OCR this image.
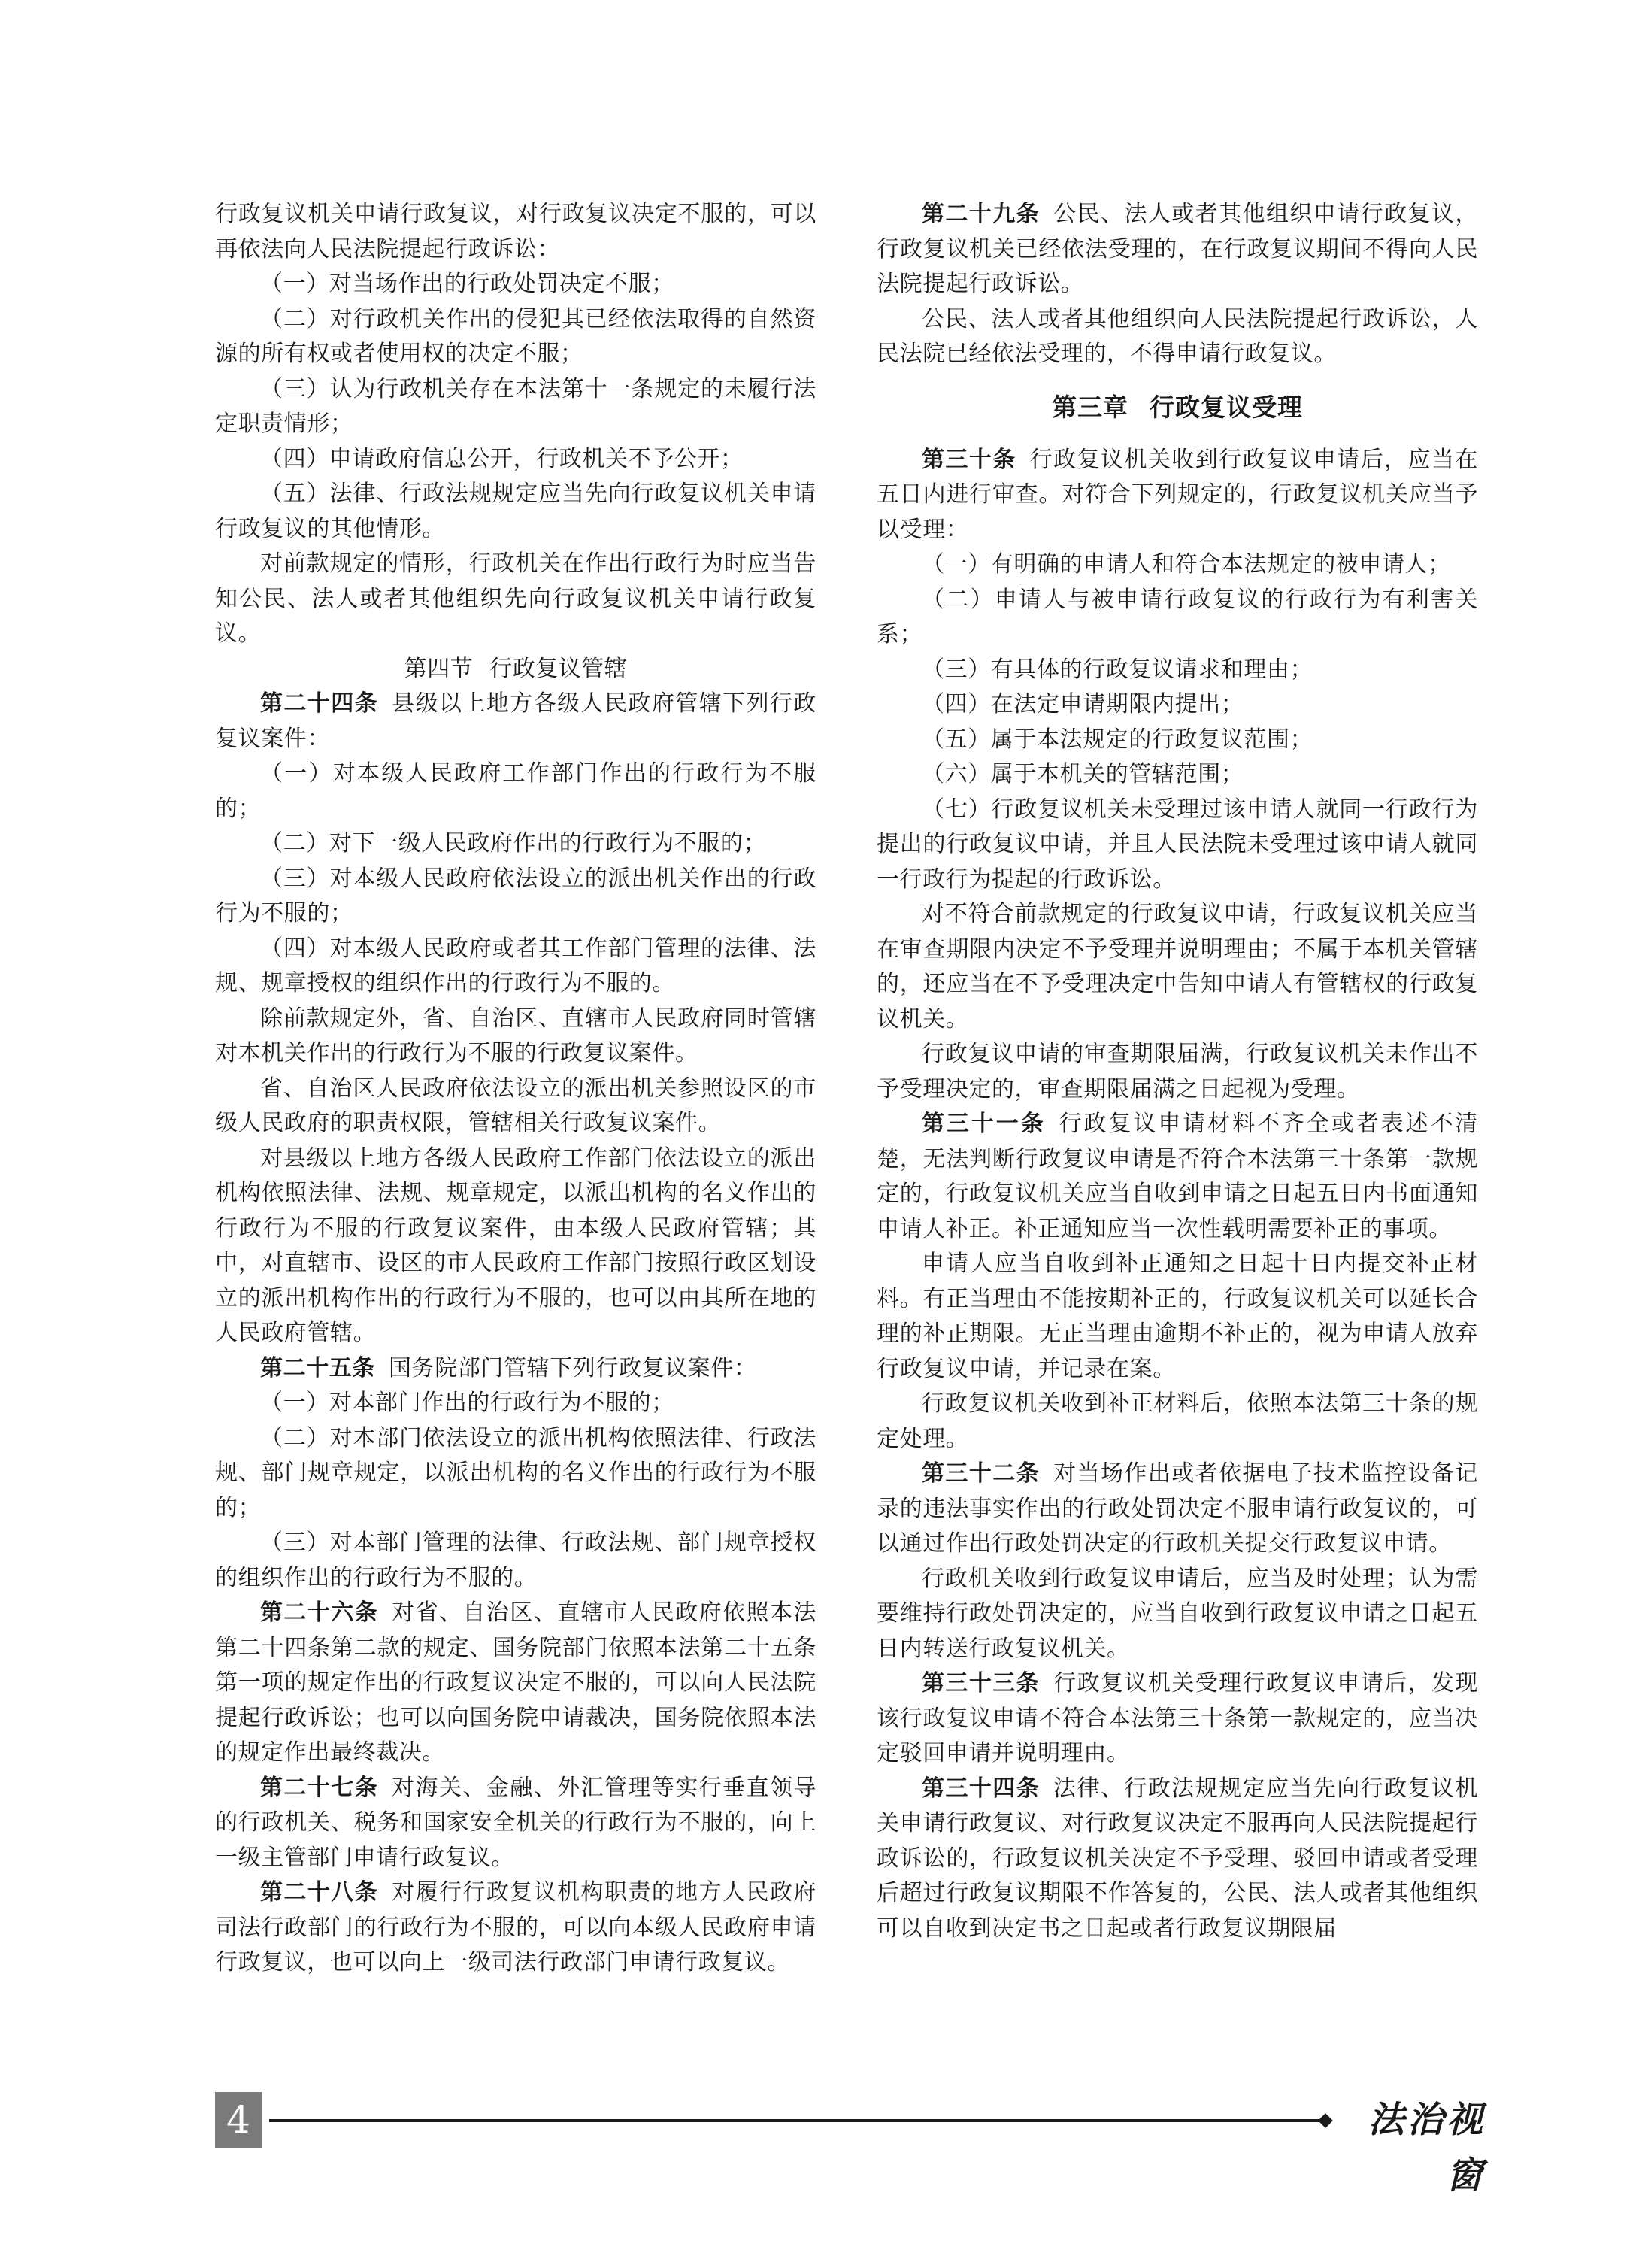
行政复议机关申请行政复议，对行政复议决定不服的，可以再依法向人民法院提起行政诉讼：

（一）对当场作出的行政处罚决定不服；

（二）对行政机关作出的侵犯其已经依法取得的自然资源的所有权或者使用权的决定不服；

（三）认为行政机关存在本法第十一条规定的未履行法定职责情形；

（四）申请政府信息公开，行政机关不予公开；

（五）法律、行政法规规定应当先向行政复议机关申请行政复议的其他情形。

对前款规定的情形，行政机关在作出行政行为时应当告知公民、法人或者其他组织先向行政复议机关申请行政复议。

第四节 行政复议管辖

第二十四条 县级以上地方各级人民政府管辖下列行政复议案件：

（一）对本级人民政府工作部门作出的行政行为不服的；

（二）对下一级人民政府作出的行政行为不服的；

（三）对本级人民政府依法设立的派出机关作出的行政行为不服的；

（四）对本级人民政府或者其工作部门管理的法律、法规、规章授权的组织作出的行政行为不服的。

除前款规定外，省、自治区、直辖市人民政府同时管辖对本机关作出的行政行为不服的行政复议案件。

省、自治区人民政府依法设立的派出机关参照设区的市级人民政府的职责权限，管辖相关行政复议案件。

对县级以上地方各级人民政府工作部门依法设立的派出机构依照法律、法规、规章规定，以派出机构的名义作出的行政行为不服的行政复议案件，由本级人民政府管辖；其中，对直辖市、设区的市人民政府工作部门按照行政区划设立的派出机构作出的行政行为不服的，也可以由其所在地的人民政府管辖。

第二十五条 国务院部门管辖下列行政复议案件：

（一）对本部门作出的行政行为不服的；

（二）对本部门依法设立的派出机构依照法律、行政法规、部门规章规定，以派出机构的名义作出的行政行为不服的；

（三）对本部门管理的法律、行政法规、部门规章授权的组织作出的行政行为不服的。

第二十六条 对省、自治区、直辖市人民政府依照本法第二十四条第二款的规定、国务院部门依照本法第二十五条第一项的规定作出的行政复议决定不服的，可以向人民法院提起行政诉讼；也可以向国务院申请裁决，国务院依照本法的规定作出最终裁决。

第二十七条 对海关、金融、外汇管理等实行垂直领导的行政机关、税务和国家安全机关的行政行为不服的，向上一级主管部门申请行政复议。

第二十八条 对履行行政复议机构职责的地方人民政府司法行政部门的行政行为不服的，可以向本级人民政府申请行政复议，也可以向上一级司法行政部门申请行政复议。

第二十九条 公民、法人或者其他组织申请行政复议，行政复议机关已经依法受理的，在行政复议期间不得向人民法院提起行政诉讼。

公民、法人或者其他组织向人民法院提起行政诉讼，人民法院已经依法受理的，不得申请行政复议。

第三章 行政复议受理

第三十条 行政复议机关收到行政复议申请后，应当在五日内进行审查。对符合下列规定的，行政复议机关应当予以受理：

（一）有明确的申请人和符合本法规定的被申请人；

（二）申请人与被申请行政复议的行政行为有利害关系；

（三）有具体的行政复议请求和理由；

（四）在法定申请期限内提出；

（五）属于本法规定的行政复议范围；

（六）属于本机关的管辖范围；

（七）行政复议机关未受理过该申请人就同一行政行为提出的行政复议申请，并且人民法院未受理过该申请人就同一行政行为提起的行政诉讼。

对不符合前款规定的行政复议申请，行政复议机关应当在审查期限内决定不予受理并说明理由；不属于本机关管辖的，还应当在不予受理决定中告知申请人有管辖权的行政复议机关。

行政复议申请的审查期限届满，行政复议机关未作出不予受理决定的，审查期限届满之日起视为受理。

第三十一条 行政复议申请材料不齐全或者表述不清楚，无法判断行政复议申请是否符合本法第三十条第一款规定的，行政复议机关应当自收到申请之日起五日内书面通知申请人补正。补正通知应当一次性载明需要补正的事项。

申请人应当自收到补正通知之日起十日内提交补正材料。有正当理由不能按期补正的，行政复议机关可以延长合理的补正期限。无正当理由逾期不补正的，视为申请人放弃行政复议申请，并记录在案。

行政复议机关收到补正材料后，依照本法第三十条的规定处理。

第三十二条 对当场作出或者依据电子技术监控设备记录的违法事实作出的行政处罚决定不服申请行政复议的，可以通过作出行政处罚决定的行政机关提交行政复议申请。

行政机关收到行政复议申请后，应当及时处理；认为需要维持行政处罚决定的，应当自收到行政复议申请之日起五日内转送行政复议机关。

第三十三条 行政复议机关受理行政复议申请后，发现该行政复议申请不符合本法第三十条第一款规定的，应当决定驳回申请并说明理由。

第三十四条 法律、行政法规规定应当先向行政复议机关申请行政复议、对行政复议决定不服再向人民法院提起行政诉讼的，行政复议机关决定不予受理、驳回申请或者受理后超过行政复议期限不作答复的，公民、法人或者其他组织可以自收到决定书之日起或者行政复议期限届

4	法治视窗
